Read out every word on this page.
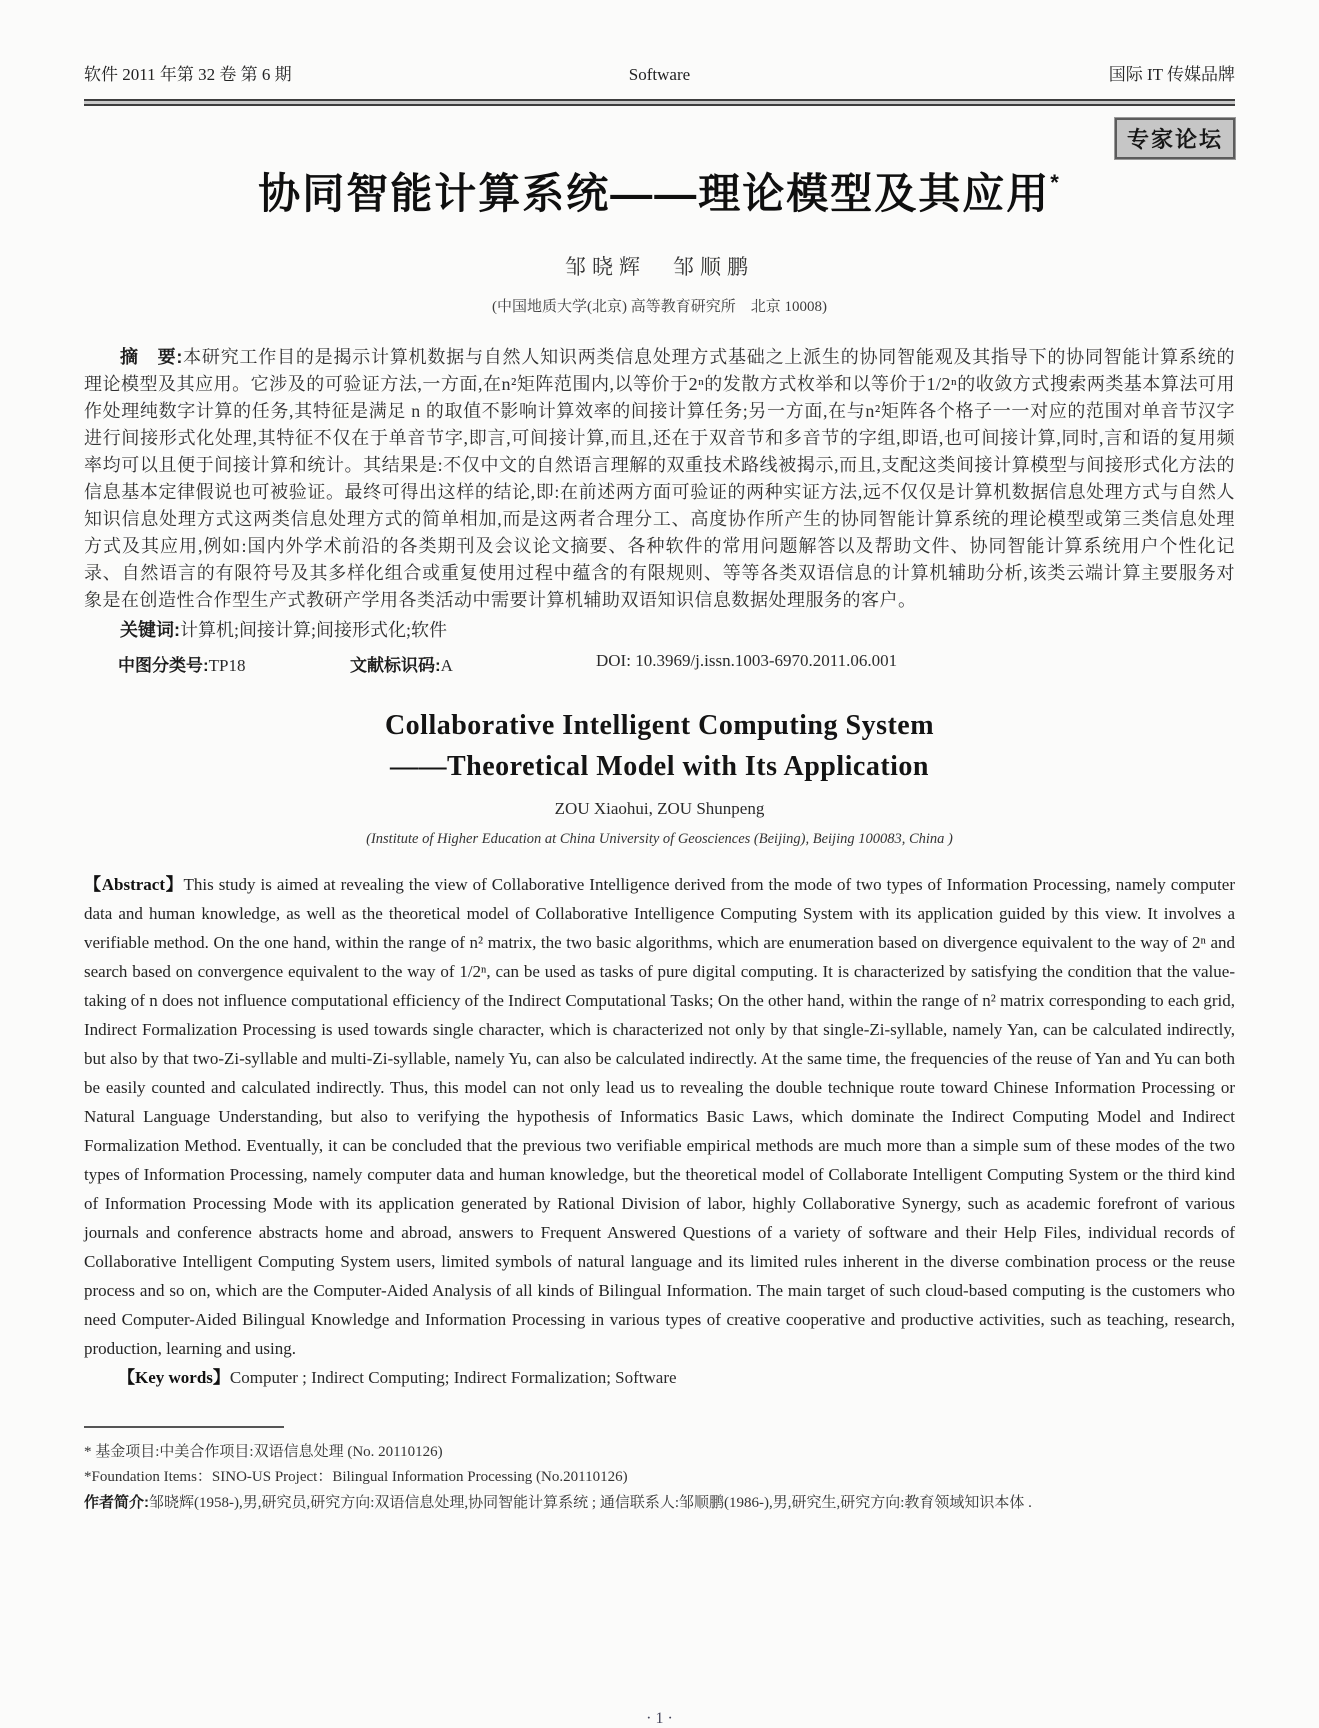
软件 2011 年第 32 卷 第 6 期	Software	国际 IT 传媒品牌
专家论坛
协同智能计算系统——理论模型及其应用*
邹晓辉　邹顺鹏
(中国地质大学(北京) 高等教育研究所　北京 10008)

摘　要:本研究工作目的是揭示计算机数据与自然人知识两类信息处理方式基础之上派生的协同智能观及其指导下的协同智能计算系统的理论模型及其应用。它涉及的可验证方法,一方面,在n²矩阵范围内,以等价于2ⁿ的发散方式枚举和以等价于1/2ⁿ的收敛方式搜索两类基本算法可用作处理纯数字计算的任务,其特征是满足 n 的取值不影响计算效率的间接计算任务;另一方面,在与n²矩阵各个格子一一对应的范围对单音节汉字进行间接形式化处理,其特征不仅在于单音节字,即言,可间接计算,而且,还在于双音节和多音节的字组,即语,也可间接计算,同时,言和语的复用频率均可以且便于间接计算和统计。其结果是:不仅中文的自然语言理解的双重技术路线被揭示,而且,支配这类间接计算模型与间接形式化方法的信息基本定律假说也可被验证。最终可得出这样的结论,即:在前述两方面可验证的两种实证方法,远不仅仅是计算机数据信息处理方式与自然人知识信息处理方式这两类信息处理方式的简单相加,而是这两者合理分工、高度协作所产生的协同智能计算系统的理论模型或第三类信息处理方式及其应用,例如:国内外学术前沿的各类期刊及会议论文摘要、各种软件的常用问题解答以及帮助文件、协同智能计算系统用户个性化记录、自然语言的有限符号及其多样化组合或重复使用过程中蕴含的有限规则、等等各类双语信息的计算机辅助分析,该类云端计算主要服务对象是在创造性合作型生产式教研产学用各类活动中需要计算机辅助双语知识信息数据处理服务的客户。

关键词:计算机;间接计算;间接形式化;软件

中图分类号:TP18	文献标识码:A	DOI: 10.3969/j.issn.1003-6970.2011.06.001
Collaborative Intelligent Computing System
——Theoretical Model with Its Application
ZOU Xiaohui, ZOU Shunpeng
(Institute of Higher Education at China University of Geosciences (Beijing), Beijing 100083, China )

【Abstract】This study is aimed at revealing the view of Collaborative Intelligence derived from the mode of two types of Information Processing, namely computer data and human knowledge, as well as the theoretical model of Collaborative Intelligence Computing System with its application guided by this view. It involves a verifiable method. On the one hand, within the range of n² matrix, the two basic algorithms, which are enumeration based on divergence equivalent to the way of 2ⁿ and search based on convergence equivalent to the way of 1/2ⁿ, can be used as tasks of pure digital computing. It is characterized by satisfying the condition that the value-taking of n does not influence computational efficiency of the Indirect Computational Tasks; On the other hand, within the range of n² matrix corresponding to each grid, Indirect Formalization Processing is used towards single character, which is characterized not only by that single-Zi-syllable, namely Yan, can be calculated indirectly, but also by that two-Zi-syllable and multi-Zi-syllable, namely Yu, can also be calculated indirectly. At the same time, the frequencies of the reuse of Yan and Yu can both be easily counted and calculated indirectly. Thus, this model can not only lead us to revealing the double technique route toward Chinese Information Processing or Natural Language Understanding, but also to verifying the hypothesis of Informatics Basic Laws, which dominate the Indirect Computing Model and Indirect Formalization Method. Eventually, it can be concluded that the previous two verifiable empirical methods are much more than a simple sum of these modes of the two types of Information Processing, namely computer data and human knowledge, but the theoretical model of Collaborate Intelligent Computing System or the third kind of Information Processing Mode with its application generated by Rational Division of labor, highly Collaborative Synergy, such as academic forefront of various journals and conference abstracts home and abroad, answers to Frequent Answered Questions of a variety of software and their Help Files, individual records of Collaborative Intelligent Computing System users, limited symbols of natural language and its limited rules inherent in the diverse combination process or the reuse process and so on, which are the Computer-Aided Analysis of all kinds of Bilingual Information. The main target of such cloud-based computing is the customers who need Computer-Aided Bilingual Knowledge and Information Processing in various types of creative cooperative and productive activities, such as teaching, research, production, learning and using.

【Key words】Computer ; Indirect Computing; Indirect Formalization; Software

* 基金项目:中美合作项目:双语信息处理 (No. 20110126)

*Foundation Items：SINO-US Project：Bilingual Information Processing (No.20110126)

作者简介:邹晓辉(1958-),男,研究员,研究方向:双语信息处理,协同智能计算系统 ; 通信联系人:邹顺鹏(1986-),男,研究生,研究方向:教育领域知识本体 .

· 1 ·
